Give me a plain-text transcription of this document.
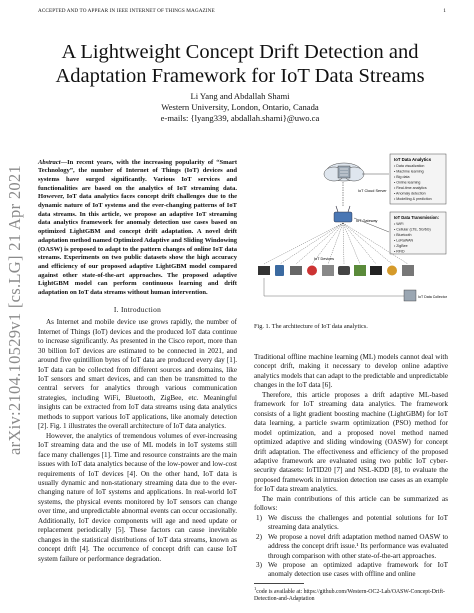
ACCEPTED AND TO APPEAR IN IEEE INTERNET OF THINGS MAGAZINE	1
arXiv:2104.10529v1 [cs.LG] 21 Apr 2021
A Lightweight Concept Drift Detection and
Adaptation Framework for IoT Data Streams
Li Yang and Abdallah Shami
Western University, London, Ontario, Canada
e-mails: {lyang339, abdallah.shami}@uwo.ca

Abstract—In recent years, with the increasing popularity of “Smart Technology”, the number of Internet of Things (IoT) devices and systems have surged significantly. Various IoT services and functionalities are based on the analytics of IoT streaming data. However, IoT data analytics faces concept drift challenges due to the dynamic nature of IoT systems and the ever-changing patterns of IoT data streams. In this article, we propose an adaptive IoT streaming data analytics framework for anomaly detection use cases based on optimized LightGBM and concept drift adaptation. A novel drift adaptation method named Optimized Adaptive and Sliding Windowing (OASW) is proposed to adapt to the pattern changes of online IoT data streams. Experiments on two public datasets show the high accuracy and efficiency of our proposed adaptive LightGBM model compared against other state-of-the-art approaches. The proposed adaptive LightGBM model can perform continuous learning and drift adaptation on IoT data streams without human intervention.

I. Introduction

As Internet and mobile device use grows rapidly, the number of Internet of Things (IoT) devices and the produced IoT data continue to increase significantly. As presented in the Cisco report, more than 30 billion IoT devices are estimated to be connected in 2021, and around five quintillion bytes of IoT data are produced every day [1]. IoT data can be collected from different sources and domains, like IoT sensors and smart devices, and can then be transmitted to the central servers for analytics through various communication strategies, including WiFi, Bluetooth, ZigBee, etc. Meaningful insights can be extracted from IoT data streams using data analytics methods to support various IoT applications, like anomaly detection [2]. Fig. 1 illustrates the overall architecture of IoT data analytics.

However, the analytics of tremendous volumes of ever-increasing IoT streaming data and the use of ML models in IoT systems still face many challenges [1]. Time and resource constraints are the main issues with IoT data analytics because of the low-power and low-cost requirements of IoT devices [4]. On the other hand, IoT data is usually dynamic and non-stationary streaming data due to the ever-changing nature of IoT systems and applications. In real-world IoT systems, the physical events monitored by IoT sensors can change over time, and unpredictable abnormal events can occur occasionally. Additionally, IoT device components will age and need update or replacement periodically [5]. These factors can cause inevitable changes in the statistical distributions of IoT data streams, known as concept drift [4]. The occurrence of concept drift can cause IoT system failure or performance degradation.

IoT Data Analytics
• Data visualization
• Machine learning
• Big data
• Online learning
• Real-time analytics
• Anomaly detection
• Modelling & prediction
IoT Cloud Server
IoT Data Transmission:
• WiFi
• Cellular (LTE, 5G/6G)
• Bluetooth
• LoRaWAN
• ZigBee
• RFID
IoT Gateway
IoT Devices
IoT Data Collector
Fig. 1. The architecture of IoT data analytics.

Traditional offline machine learning (ML) models cannot deal with concept drift, making it necessary to develop online adaptive analytics models that can adapt to the predictable and unpredictable changes in the IoT data [6].

Therefore, this article proposes a drift adaptive ML-based framework for IoT streaming data analytics. The framework consists of a light gradient boosting machine (LightGBM) for IoT data learning, a particle swarm optimization (PSO) method for model optimization, and a proposed novel method named optimized adaptive and sliding windowing (OASW) for concept drift adaptation. The effectiveness and efficiency of the proposed adaptive framework are evaluated using two public IoT cyber-security datasets: IoTID20 [7] and NSL-KDD [8], to evaluate the proposed framework in intrusion detection use cases as an example for IoT data stream analytics.

The main contributions of this article can be summarized as follows:

1) We discuss the challenges and potential solutions for IoT streaming data analytics.
2) We propose a novel drift adaptation method named OASW to address the concept drift issue.¹ Its performance was evaluated through comparison with other state-of-the-art approaches.
3) We propose an optimized adaptive framework for IoT anomaly detection use cases with offline and online
$^1$code is available at: https://github.com/Western-OC2-Lab/OASW-Concept-Drift-Detection-and-Adaptation
